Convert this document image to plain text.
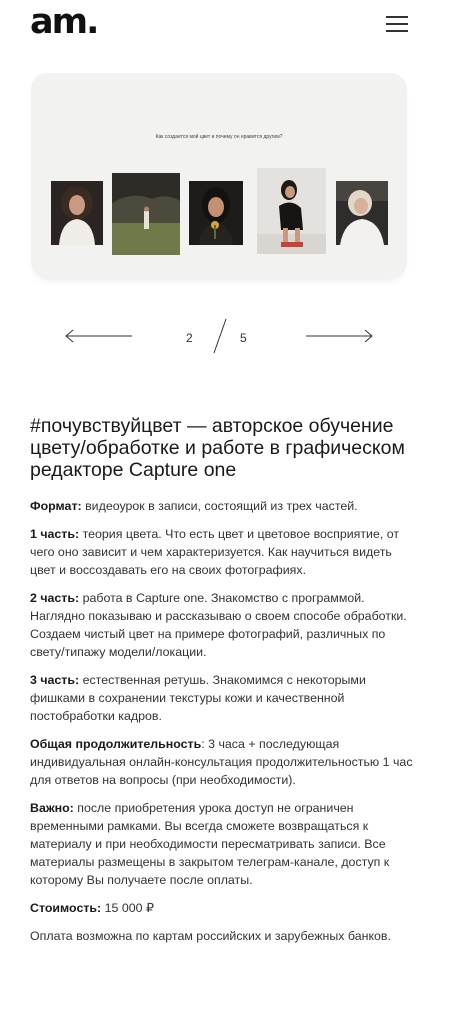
am.
Как создается мой цвет и почему он нравится другим?
2	5
#почувствуйцвет — авторское обучение цвету/обработке и работе в графическом редакторе Capture one

Формат: видеоурок в записи, состоящий из трех частей.

1 часть: теория цвета. Что есть цвет и цветовое восприятие, от чего оно зависит и чем характеризуется. Как научиться видеть цвет и воссоздавать его на своих фотографиях.

2 часть: работа в Capture one. Знакомство с программой. Наглядно показываю и рассказываю о своем способе обработки. Создаем чистый цвет на примере фотографий, различных по свету/типажу модели/локации.

3 часть: естественная ретушь. Знакомимся с некоторыми фишками в сохранении текстуры кожи и качественной постобработки кадров.

Общая продолжительность: 3 часа + последующая индивидуальная онлайн-консультация продолжительностью 1 час для ответов на вопросы (при необходимости).

Важно: после приобретения урока доступ не ограничен временными рамками. Вы всегда сможете возвращаться к материалу и при необходимости пересматривать записи. Все материалы размещены в закрытом телеграм-канале, доступ к которому Вы получаете после оплаты.

Стоимость: 15 000 ₽

Оплата возможна по картам российских и зарубежных банков.
